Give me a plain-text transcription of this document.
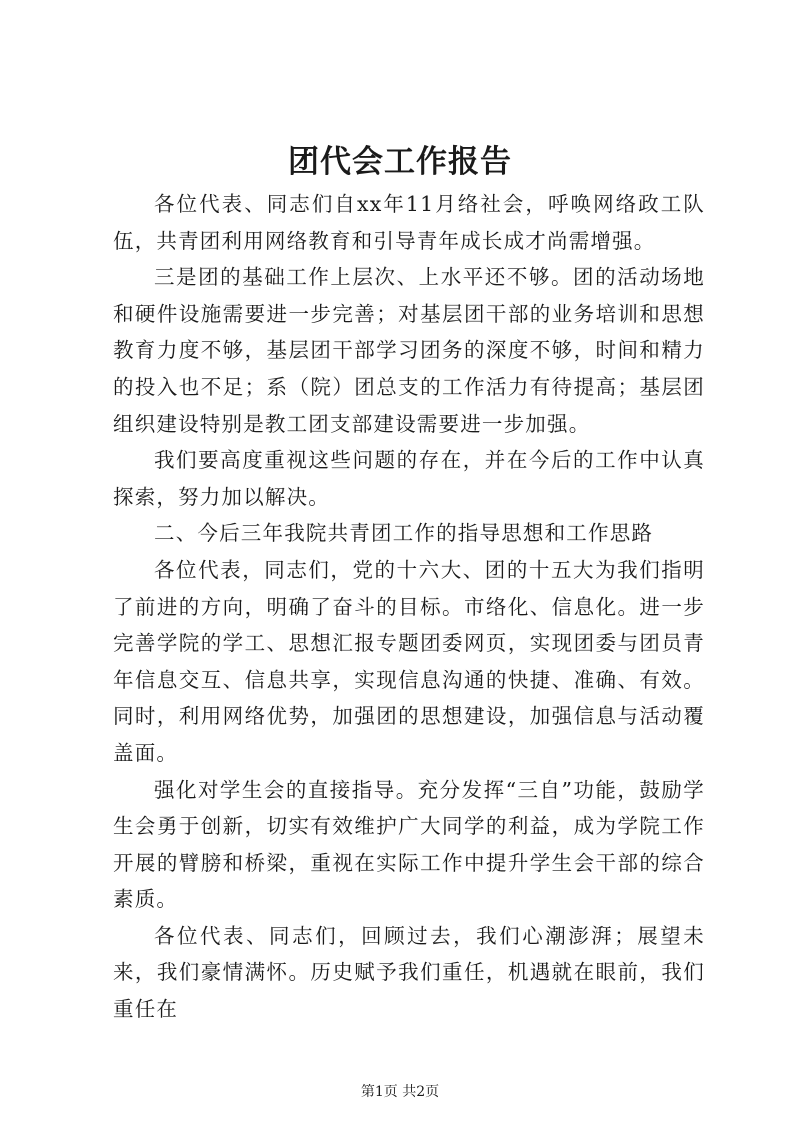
团代会工作报告

各位代表、同志们自xx年11月络社会，呼唤网络政工队伍，共青团利用网络教育和引导青年成长成才尚需增强。

三是团的基础工作上层次、上水平还不够。团的活动场地和硬件设施需要进一步完善；对基层团干部的业务培训和思想教育力度不够，基层团干部学习团务的深度不够，时间和精力的投入也不足；系（院）团总支的工作活力有待提高；基层团组织建设特别是教工团支部建设需要进一步加强。

我们要高度重视这些问题的存在，并在今后的工作中认真探索，努力加以解决。

二、今后三年我院共青团工作的指导思想和工作思路

各位代表，同志们，党的十六大、团的十五大为我们指明了前进的方向，明确了奋斗的目标。市络化、信息化。进一步完善学院的学工、思想汇报专题团委网页，实现团委与团员青年信息交互、信息共享，实现信息沟通的快捷、准确、有效。同时，利用网络优势，加强团的思想建设，加强信息与活动覆盖面。

强化对学生会的直接指导。充分发挥“三自”功能，鼓励学生会勇于创新，切实有效维护广大同学的利益，成为学院工作开展的臂膀和桥梁，重视在实际工作中提升学生会干部的综合素质。

各位代表、同志们，回顾过去，我们心潮澎湃；展望未来，我们豪情满怀。历史赋予我们重任，机遇就在眼前，我们重任在

第1页 共2页
